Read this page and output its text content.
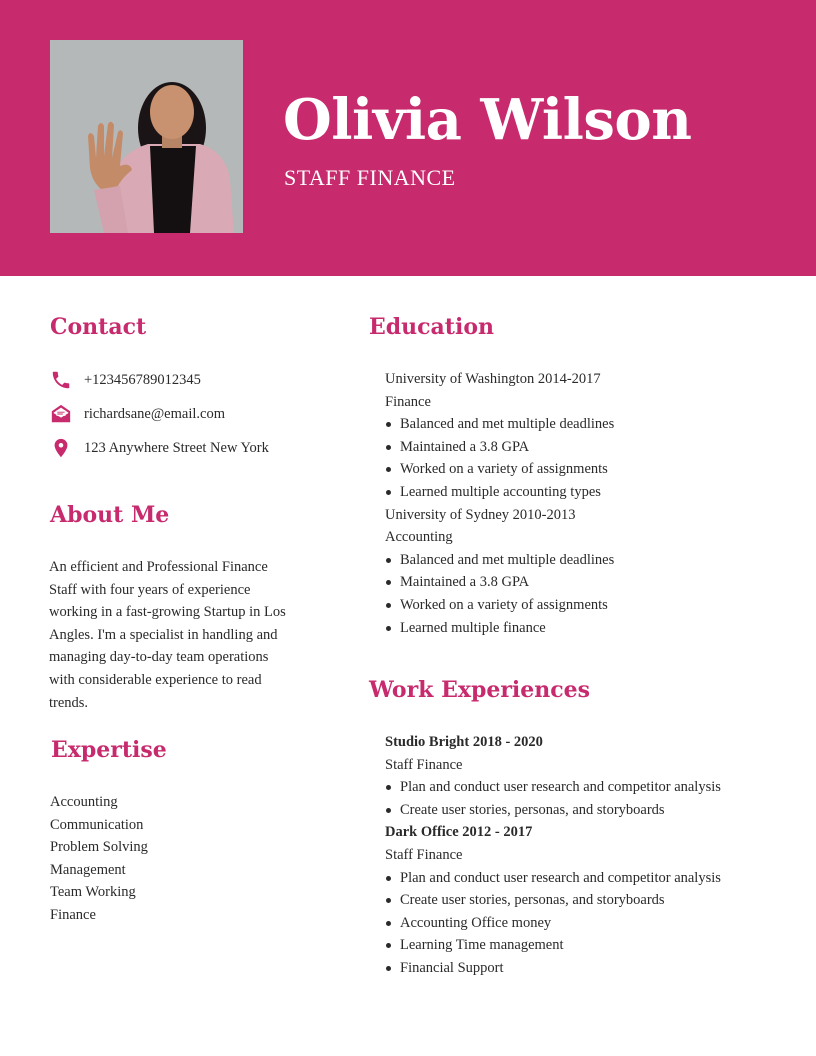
Olivia Wilson
STAFF FINANCE
Contact
+123456789012345
richardsane@email.com
123 Anywhere Street New York
About Me
An efficient and Professional Finance
Staff with four years of experience
working in a fast-growing Startup in Los
Angles. I'm a specialist in handling and
managing day-to-day team operations
with considerable experience to read
trends.
Expertise
Accounting
Communication
Problem Solving
Management
Team Working
Finance
Education

University of Washington 2014-2017

Finance

Balanced and met multiple deadlines
Maintained a 3.8 GPA
Worked on a variety of assignments
Learned multiple accounting types

University of Sydney 2010-2013

Accounting

Balanced and met multiple deadlines
Maintained a 3.8 GPA
Worked on a variety of assignments
Learned multiple finance
Work Experiences

Studio Bright 2018 - 2020

Staff Finance

Plan and conduct user research and competitor analysis
Create user stories, personas, and storyboards

Dark Office 2012 - 2017

Staff Finance

Plan and conduct user research and competitor analysis
Create user stories, personas, and storyboards
Accounting Office money
Learning Time management
Financial Support
